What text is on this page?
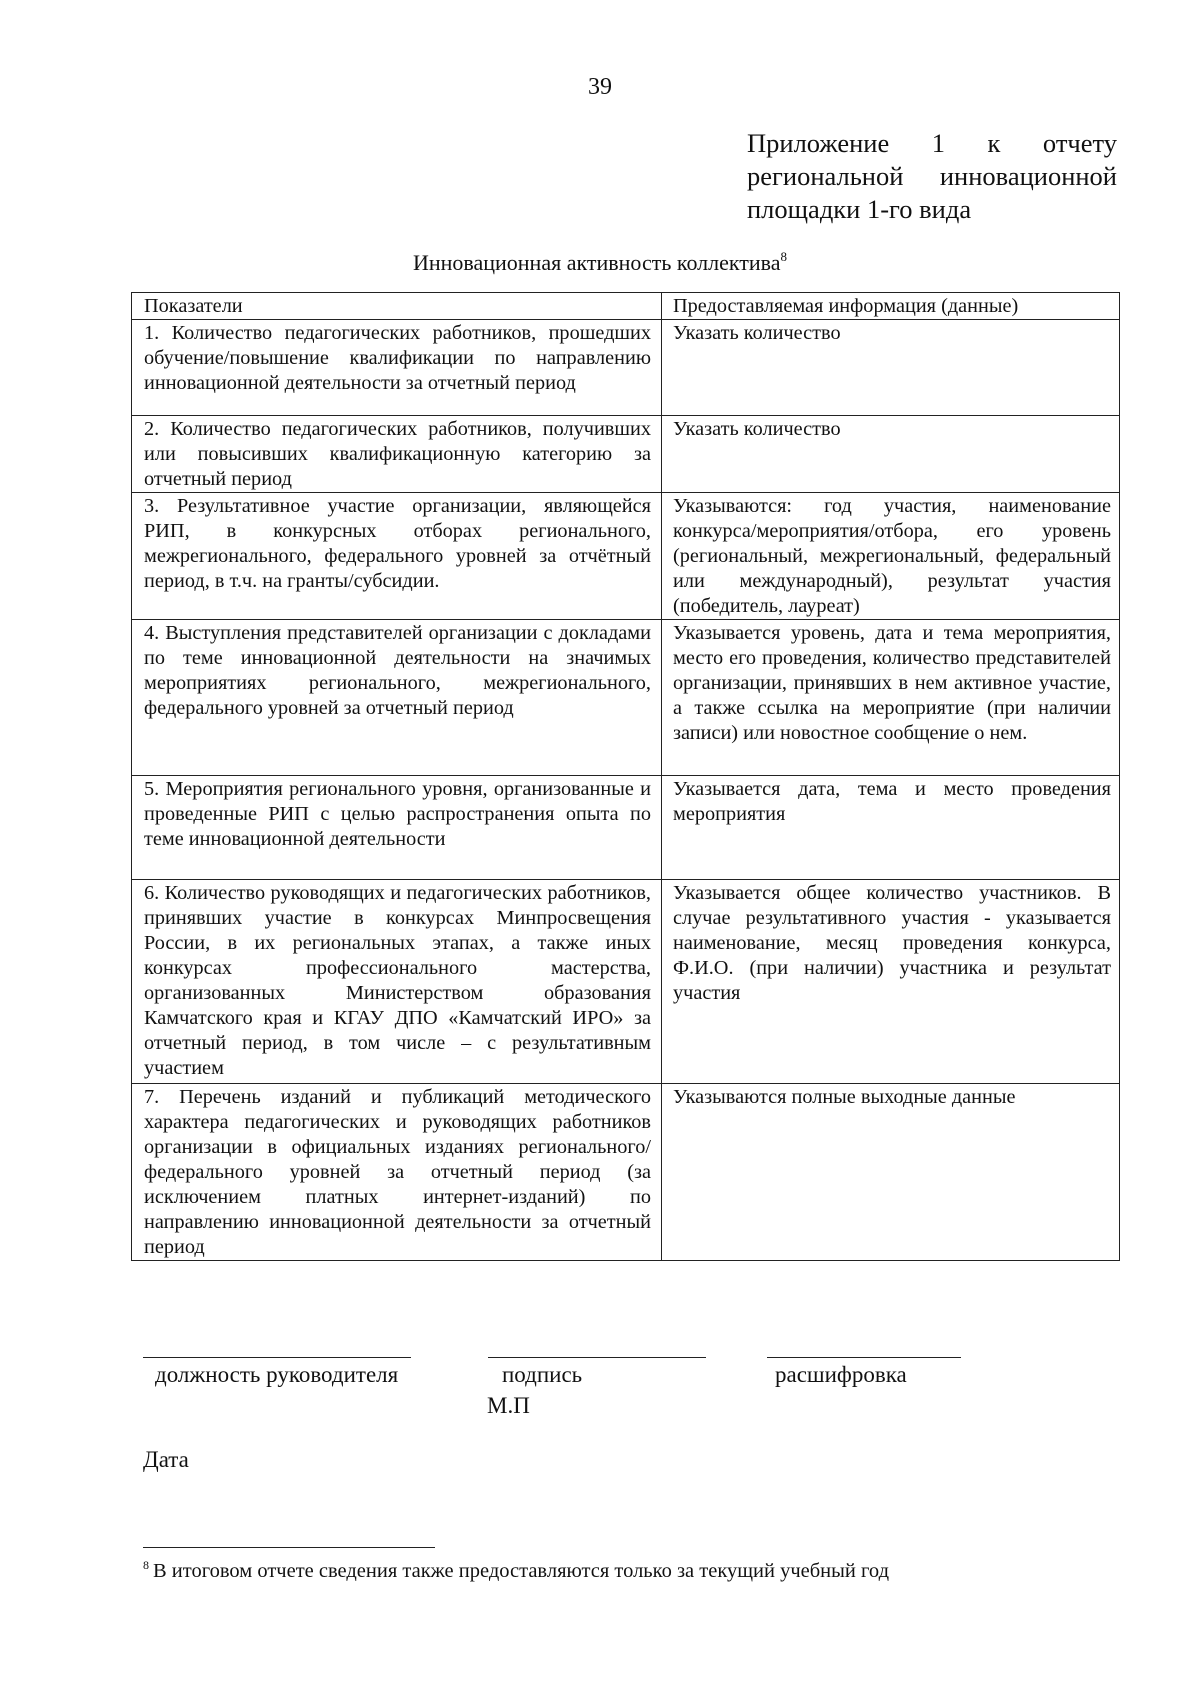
39
Приложение 1 к отчету
региональной инновационной
площадки 1-го вида
Инновационная активность коллектива$^8$
Показатели	Предоставляемая информация (данные)
1. Количество педагогических работников, прошедших обучение/повышение квалификации по направлению инновационной деятельности за отчетный период	Указать количество
2. Количество педагогических работников, получивших или повысивших квалификационную категорию за отчетный период	Указать количество
3. Результативное участие организации, являющейся РИП, в конкурсных отборах регионального, межрегионального, федерального уровней за отчётный период, в т.ч. на гранты/субсидии.	Указываются: год участия, наименование конкурса/мероприятия/отбора, его уровень (региональный, межрегиональный, федеральный или международный), результат участия (победитель, лауреат)
4. Выступления представителей организации с докладами по теме инновационной деятельности на значимых мероприятиях регионального, межрегионального, федерального уровней за отчетный период	Указывается уровень, дата и тема мероприятия, место его проведения, количество представителей организации, принявших в нем активное участие, а также ссылка на мероприятие (при наличии записи) или новостное сообщение о нем.
5. Мероприятия регионального уровня, организованные и проведенные РИП с целью распространения опыта по теме инновационной деятельности	Указывается дата, тема и место проведения мероприятия
6. Количество руководящих и педагогических работников, принявших участие в конкурсах Минпросвещения России, в их региональных этапах, а также иных конкурсах профессионального мастерства, организованных Министерством образования Камчатского края и КГАУ ДПО «Камчатский ИРО» за отчетный период, в том числе – с результативным участием	Указывается общее количество участников. В случае результативного участия - указывается наименование, месяц проведения конкурса, Ф.И.О. (при наличии) участника и результат участия
7. Перечень изданий и публикаций методического характера педагогических и руководящих работников организации в официальных изданиях регионального/федерального уровней за отчетный период (за исключением платных интернет-изданий) по направлению инновационной деятельности за отчетный период	Указываются полные выходные данные
должность руководителя	подпись	расшифровка
М.П
Дата
$^8$ В итоговом отчете сведения также предоставляются только за текущий учебный год
